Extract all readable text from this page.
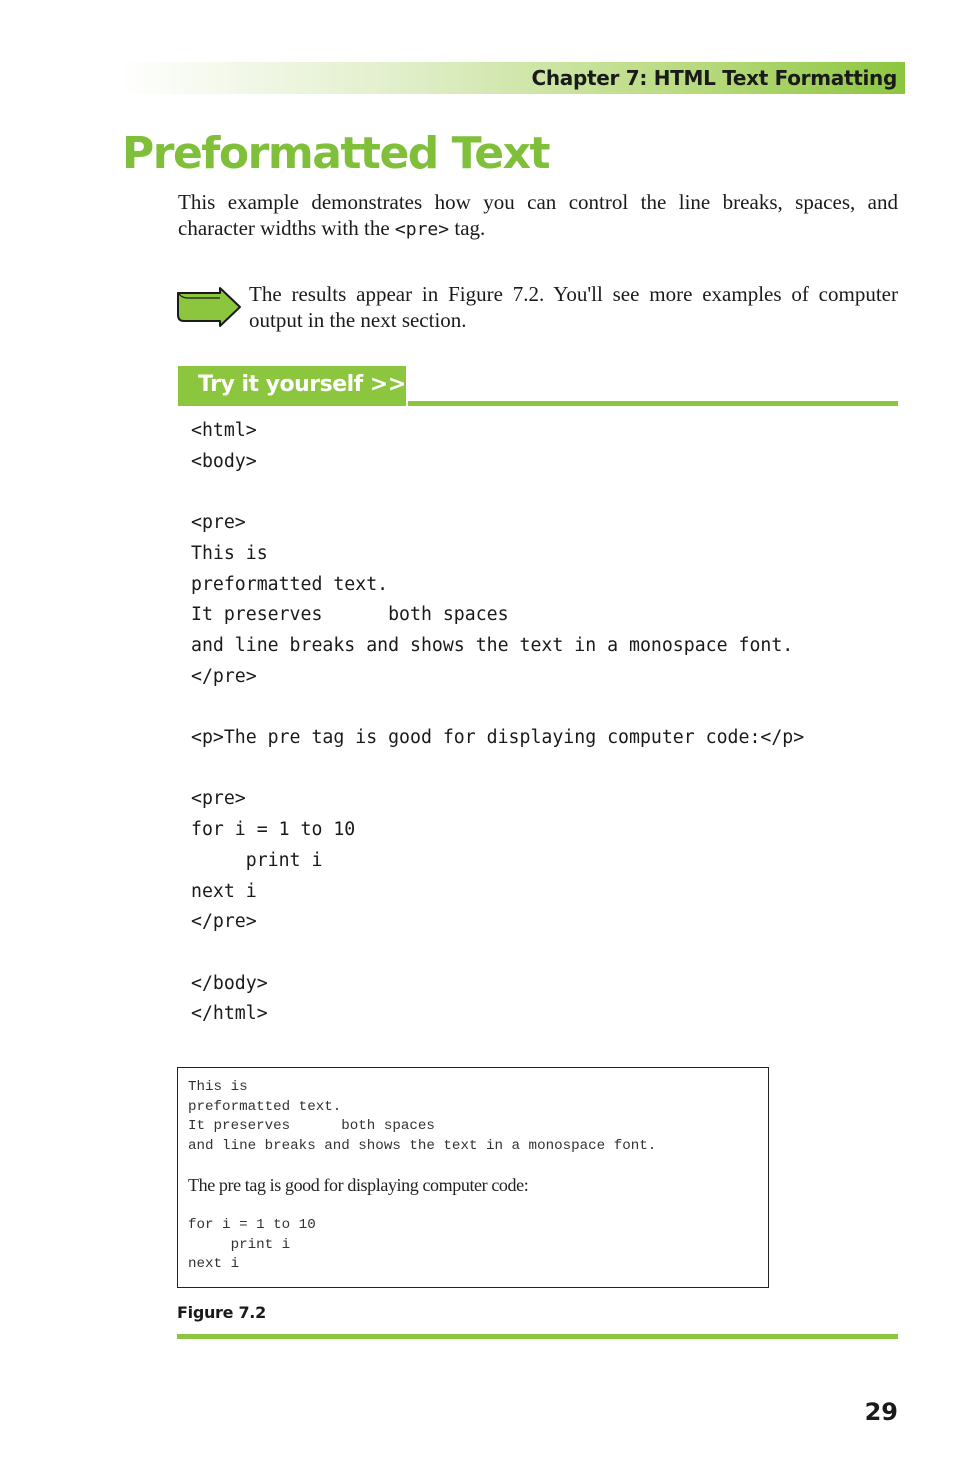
Chapter 7: HTML Text Formatting
Preformatted Text

This example demonstrates how you can control the line breaks, spaces, and character widths with the <pre> tag.

The results appear in Figure 7.2. You'll see more examples of computer output in the next section.

Try it yourself >>
<html>
<body>

<pre>
This is
preformatted text.
It preserves      both spaces
and line breaks and shows the text in a monospace font.
</pre>

<p>The pre tag is good for displaying computer code:</p>

<pre>
for i = 1 to 10
print i
next i
</pre>

</body>
</html>
This is
preformatted text.
It preserves      both spaces
and line breaks and shows the text in a monospace font.

The pre tag is good for displaying computer code:

for i = 1 to 10
print i
next i
Figure 7.2
29
